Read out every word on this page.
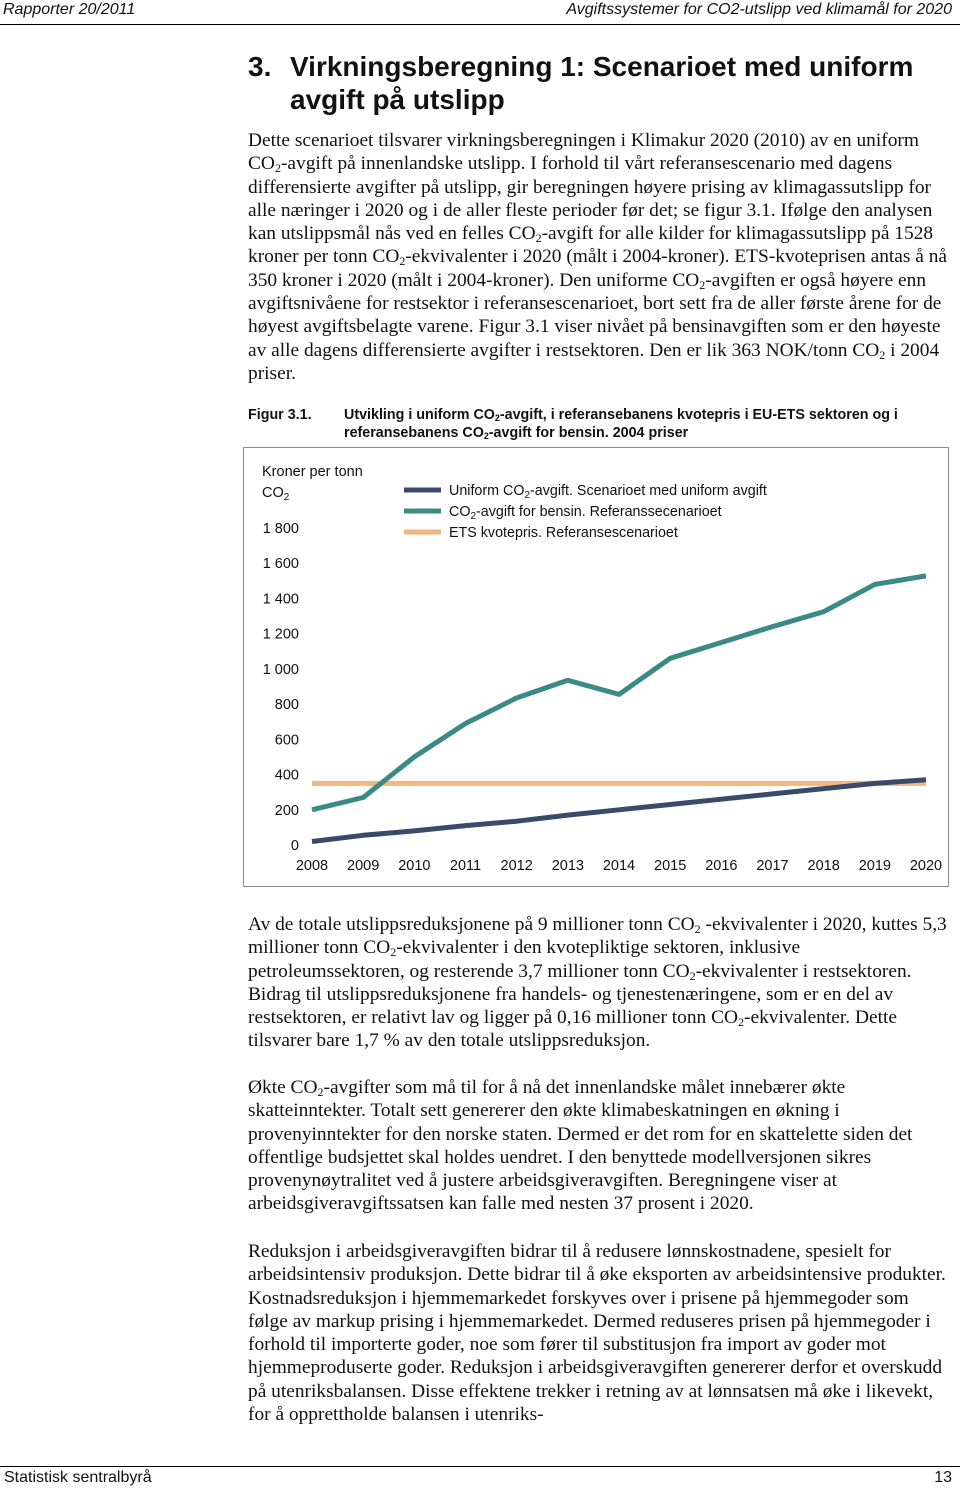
Rapporter 20/2011	Avgiftssystemer for CO2-utslipp ved klimamål for 2020
3. Virkningsberegning 1: Scenarioet med uniform avgift på utslipp

Dette scenarioet tilsvarer virkningsberegningen i Klimakur 2020 (2010) av en uniform $CO_2$-avgift på innenlandske utslipp. I forhold til vårt referansescenario med dagens differensierte avgifter på utslipp, gir beregningen høyere prising av klimagassutslipp for alle næringer i 2020 og i de aller fleste perioder før det; se figur 3.1. Ifølge den analysen kan utslippsmål nås ved en felles $CO_2$-avgift for alle kilder for klimagassutslipp på 1528 kroner per tonn $CO_2$-ekvivalenter i 2020 (målt i 2004-kroner). ETS-kvoteprisen antas å nå 350 kroner i 2020 (målt i 2004-kroner). Den uniforme $CO_2$-avgiften er også høyere enn avgiftsnivåene for restsektor i referansescenarioet, bort sett fra de aller første årene for de høyest avgiftsbelagte varene. Figur 3.1 viser nivået på bensinavgiften som er den høyeste av alle dagens differensierte avgifter i restsektoren. Den er lik 363 NOK/tonn $CO_2$ i 2004 priser.

Figur 3.1. Utvikling i uniform $CO_2$-avgift, i referansebanens kvotepris i EU-ETS sektoren og i referansebanens $CO_2$-avgift for bensin. 2004 priser
Kroner per tonn
$CO_2$
0
200
400
600
800
1 000
1 200
1 400
1 600
1 800
2008 2009 2010 2011 2012 2013 2014 2015 2016 2017 2018 2019 2020
Uniform $CO_2$-avgift. Scenarioet med uniform avgift
$CO_2$-avgift for bensin. Referanssecenarioet
ETS kvotepris. Referansescenarioet

Av de totale utslippsreduksjonene på 9 millioner tonn $CO_2$ -ekvivalenter i 2020, kuttes 5,3 millioner tonn $CO_2$-ekvivalenter i den kvotepliktige sektoren, inklusive petroleumssektoren, og resterende 3,7 millioner tonn $CO_2$-ekvivalenter i restsektoren. Bidrag til utslippsreduksjonene fra handels- og tjenestenæringene, som er en del av restsektoren, er relativt lav og ligger på 0,16 millioner tonn $CO_2$-ekvivalenter. Dette tilsvarer bare 1,7 % av den totale utslippsreduksjon.

Økte $CO_2$-avgifter som må til for å nå det innenlandske målet innebærer økte skatteinntekter. Totalt sett genererer den økte klimabeskatningen en økning i provenyinntekter for den norske staten. Dermed er det rom for en skattelette siden det offentlige budsjettet skal holdes uendret. I den benyttede modellversjonen sikres provenynøytralitet ved å justere arbeidsgiveravgiften. Beregningene viser at arbeidsgiveravgiftssatsen kan falle med nesten 37 prosent i 2020.

Reduksjon i arbeidsgiveravgiften bidrar til å redusere lønnskostnadene, spesielt for arbeidsintensiv produksjon. Dette bidrar til å øke eksporten av arbeidsintensive produkter. Kostnadsreduksjon i hjemmemarkedet forskyves over i prisene på hjemmegoder som følge av markup prising i hjemmemarkedet. Dermed reduseres prisen på hjemmegoder i forhold til importerte goder, noe som fører til substitusjon fra import av goder mot hjemmeproduserte goder. Reduksjon i arbeidsgiveravgiften genererer derfor et overskudd på utenriksbalansen. Disse effektene trekker i retning av at lønnsatsen må øke i likevekt, for å opprettholde balansen i utenriks-

Statistisk sentralbyrå	13
